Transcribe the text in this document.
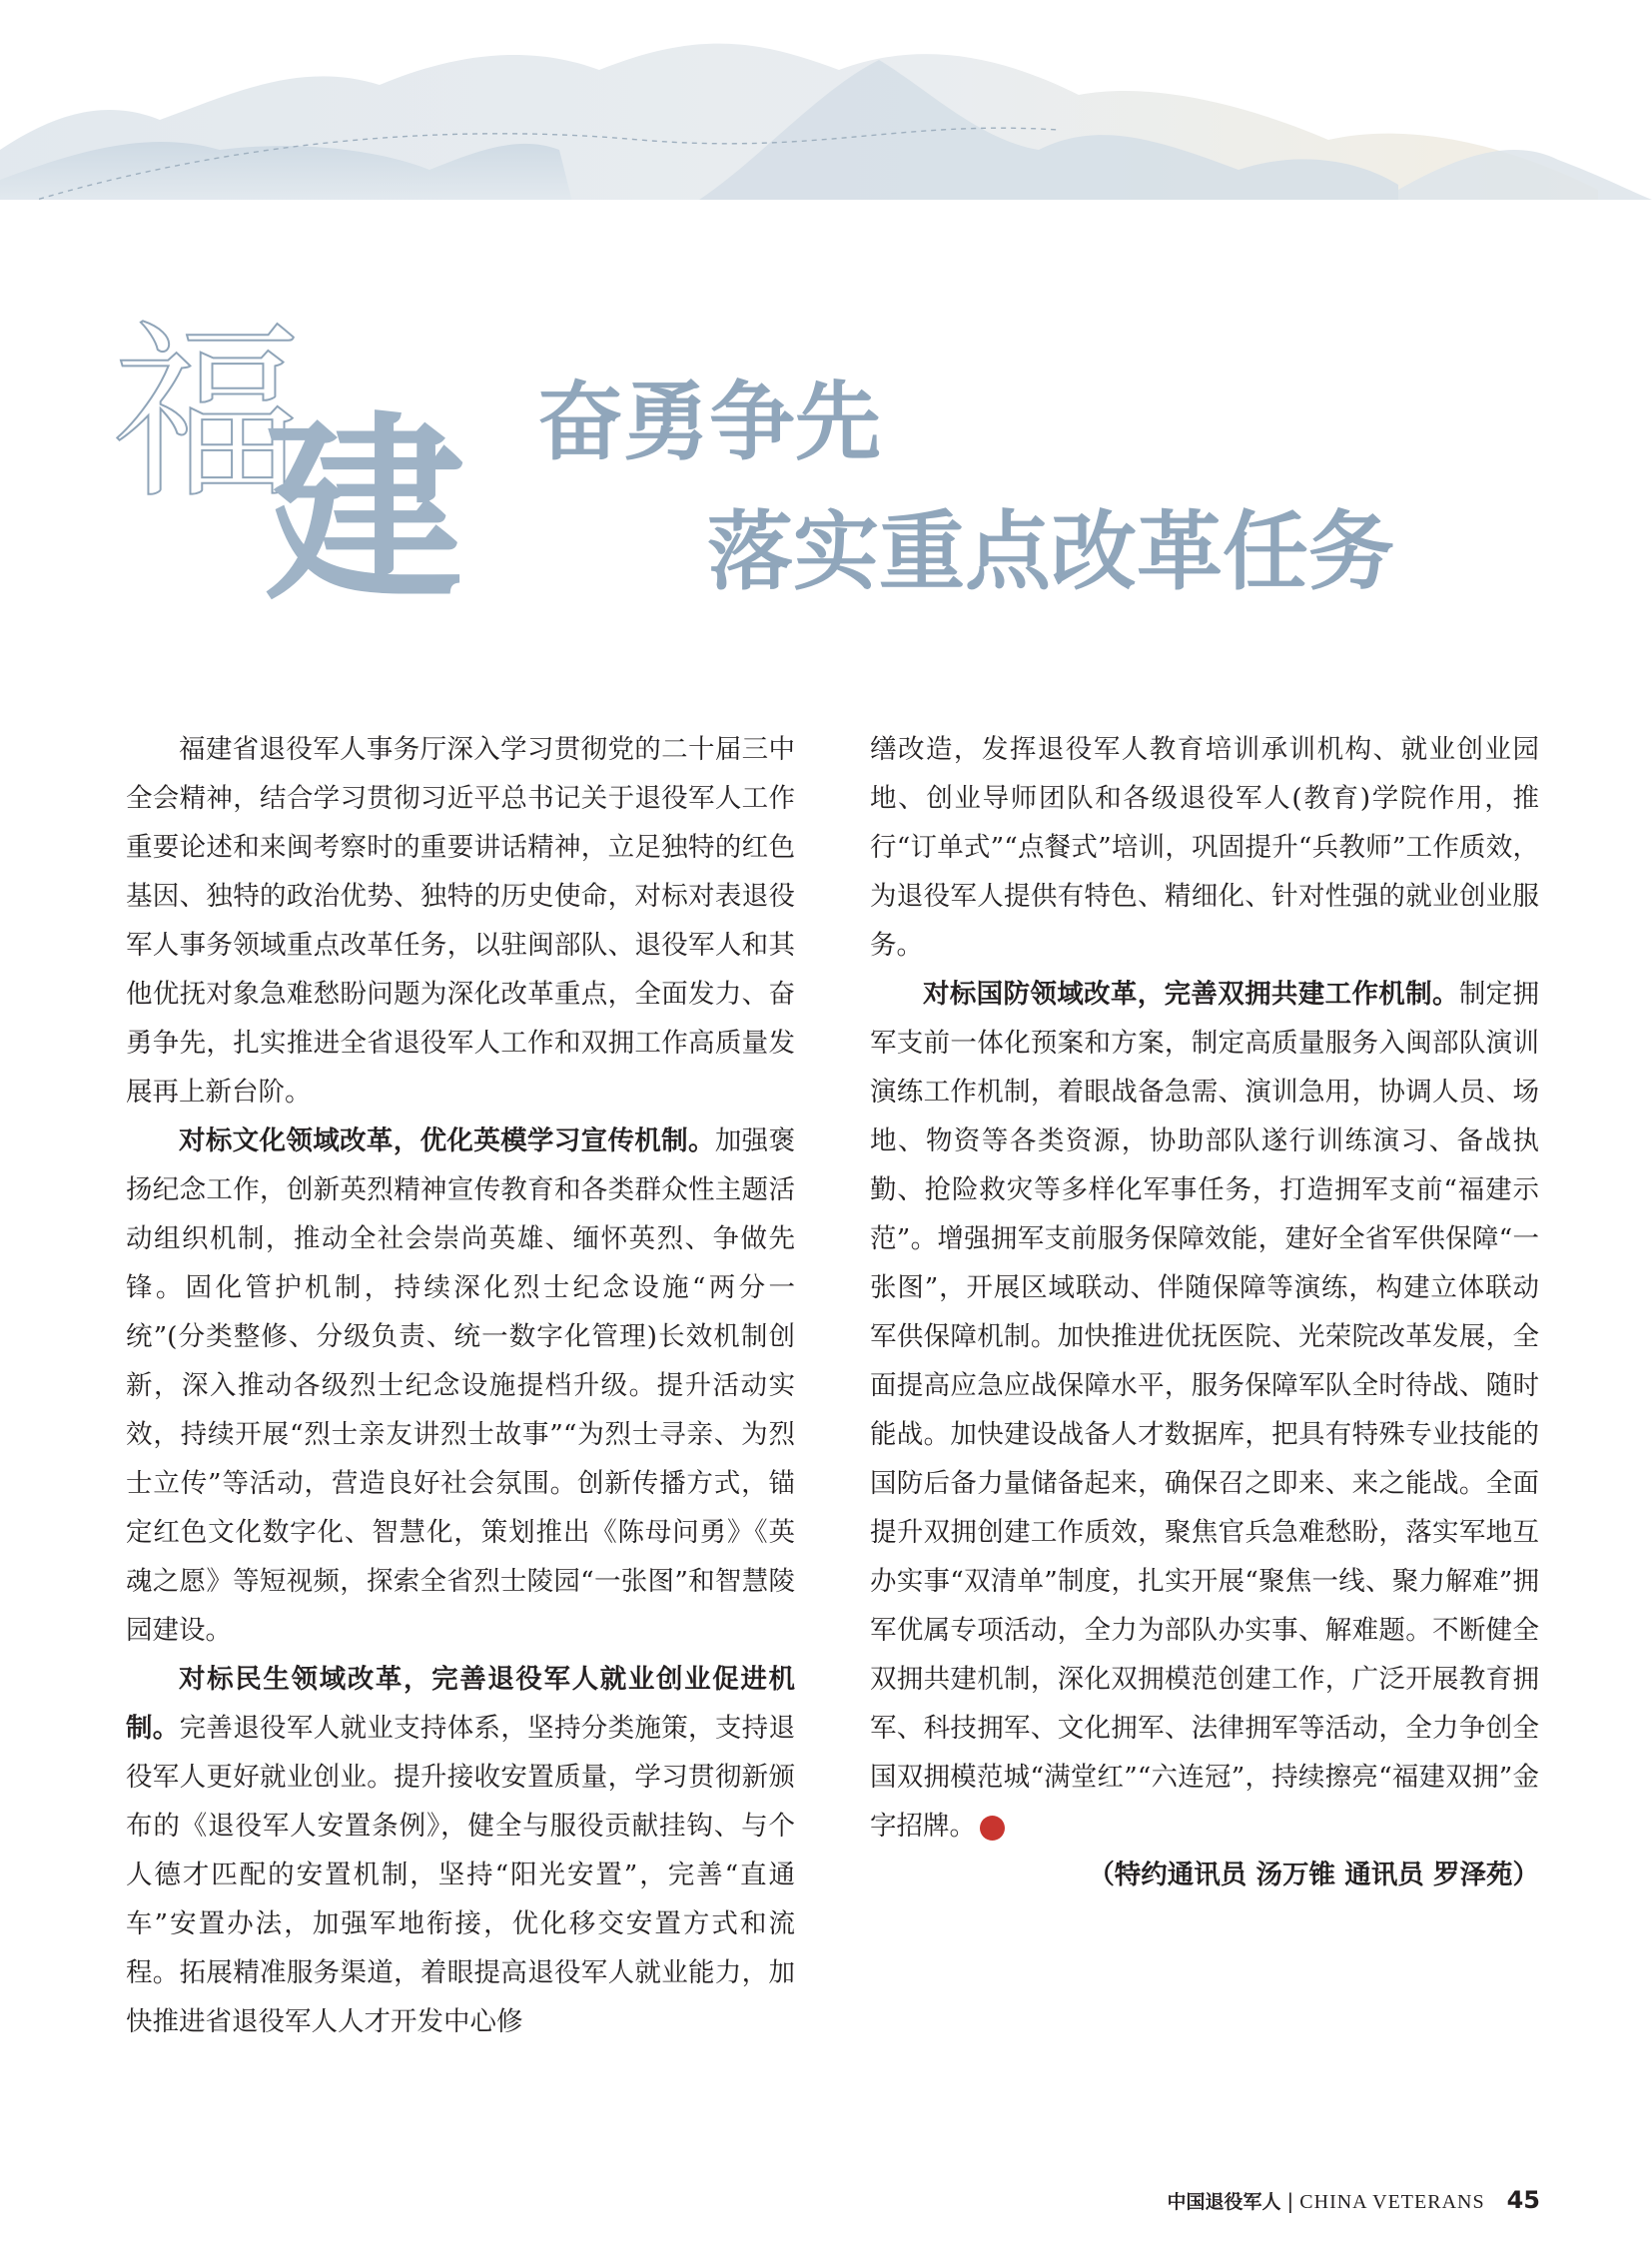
福
建 奋勇争先
落实重点改革任务

福建省退役军人事务厅深入学习贯彻党的二十届三中全会精神，结合学习贯彻习近平总书记关于退役军人工作重要论述和来闽考察时的重要讲话精神，立足独特的红色基因、独特的政治优势、独特的历史使命，对标对表退役军人事务领域重点改革任务，以驻闽部队、退役军人和其他优抚对象急难愁盼问题为深化改革重点，全面发力、奋勇争先，扎实推进全省退役军人工作和双拥工作高质量发展再上新台阶。

对标文化领域改革，优化英模学习宣传机制。加强褒扬纪念工作，创新英烈精神宣传教育和各类群众性主题活动组织机制，推动全社会崇尚英雄、缅怀英烈、争做先锋。固化管护机制，持续深化烈士纪念设施“两分一统”(分类整修、分级负责、统一数字化管理)长效机制创新，深入推动各级烈士纪念设施提档升级。提升活动实效，持续开展“烈士亲友讲烈士故事”“为烈士寻亲、为烈士立传”等活动，营造良好社会氛围。创新传播方式，锚定红色文化数字化、智慧化，策划推出《陈母问勇》《英魂之愿》等短视频，探索全省烈士陵园“一张图”和智慧陵园建设。

对标民生领域改革，完善退役军人就业创业促进机制。完善退役军人就业支持体系，坚持分类施策，支持退役军人更好就业创业。提升接收安置质量，学习贯彻新颁布的《退役军人安置条例》，健全与服役贡献挂钩、与个人德才匹配的安置机制，坚持“阳光安置”，完善“直通车”安置办法，加强军地衔接，优化移交安置方式和流程。拓展精准服务渠道，着眼提高退役军人就业能力，加快推进省退役军人人才开发中心修

缮改造，发挥退役军人教育培训承训机构、就业创业园地、创业导师团队和各级退役军人(教育)学院作用，推行“订单式”“点餐式”培训，巩固提升“兵教师”工作质效，为退役军人提供有特色、精细化、针对性强的就业创业服务。

对标国防领域改革，完善双拥共建工作机制。制定拥军支前一体化预案和方案，制定高质量服务入闽部队演训演练工作机制，着眼战备急需、演训急用，协调人员、场地、物资等各类资源，协助部队遂行训练演习、备战执勤、抢险救灾等多样化军事任务，打造拥军支前“福建示范”。增强拥军支前服务保障效能，建好全省军供保障“一张图”，开展区域联动、伴随保障等演练，构建立体联动军供保障机制。加快推进优抚医院、光荣院改革发展，全面提高应急应战保障水平，服务保障军队全时待战、随时能战。加快建设战备人才数据库，把具有特殊专业技能的国防后备力量储备起来，确保召之即来、来之能战。全面提升双拥创建工作质效，聚焦官兵急难愁盼，落实军地互办实事“双清单”制度，扎实开展“聚焦一线、聚力解难”拥军优属专项活动，全力为部队办实事、解难题。不断健全双拥共建机制，深化双拥模范创建工作，广泛开展教育拥军、科技拥军、文化拥军、法律拥军等活动，全力争创全国双拥模范城“满堂红”“六连冠”，持续擦亮“福建双拥”金字招牌。	V

（特约通讯员 汤万锥 通讯员 罗泽苑）
中国退役军人 | CHINA VETERANS 45
